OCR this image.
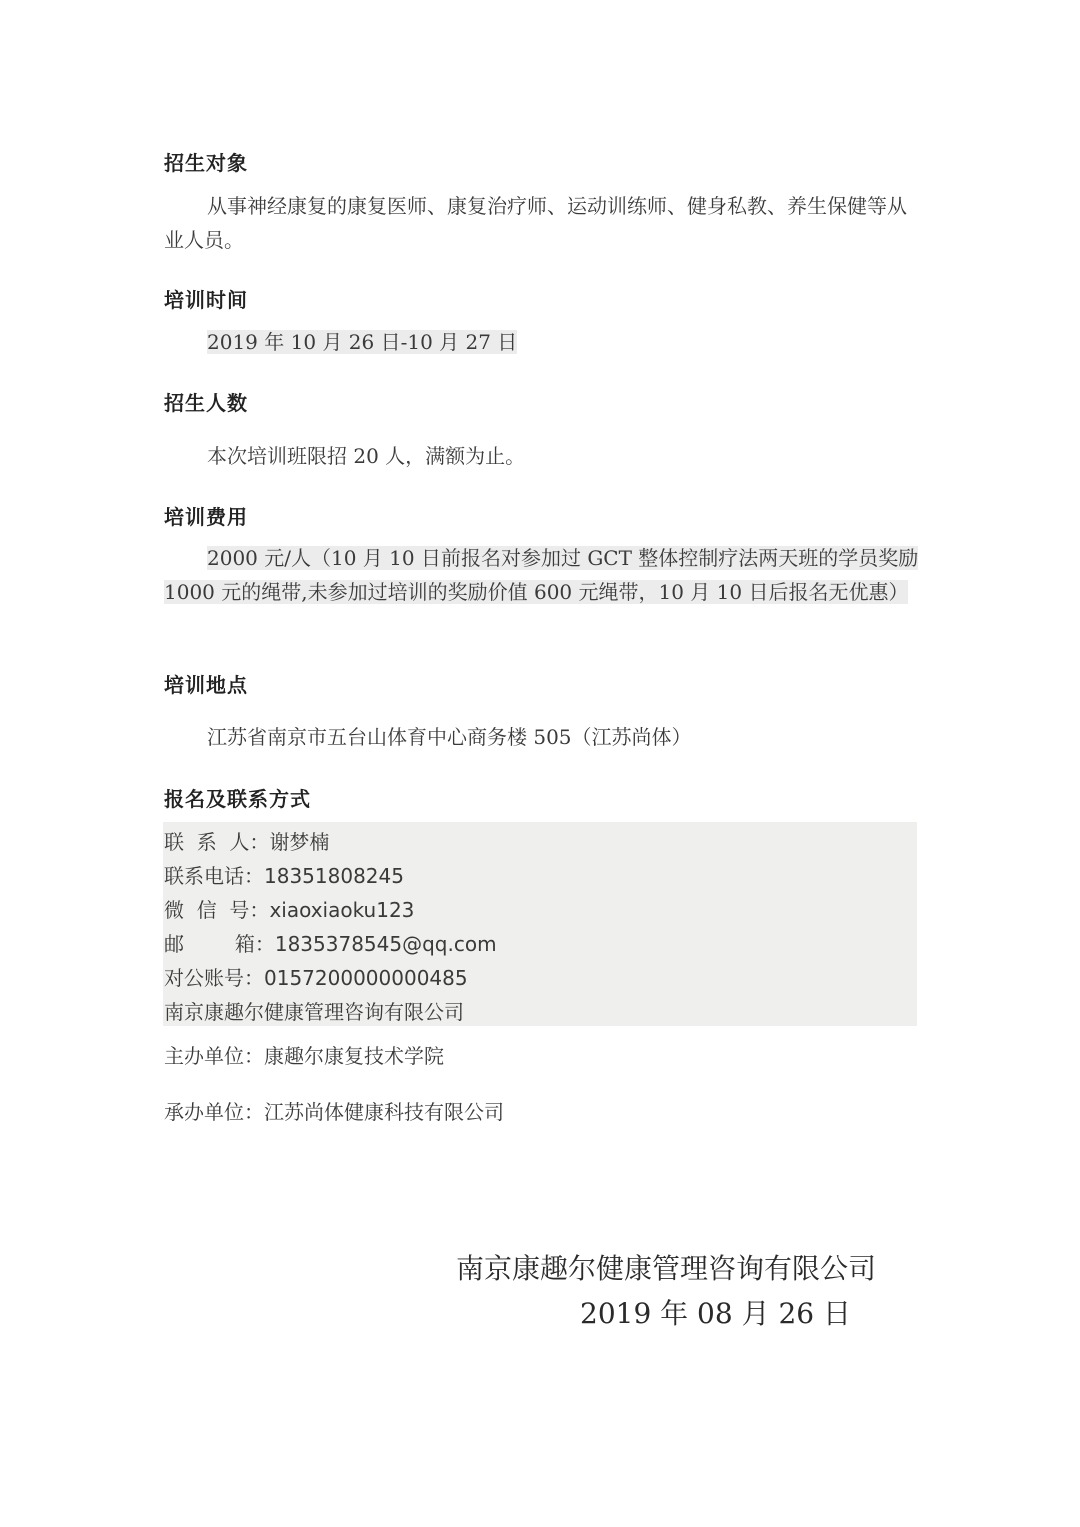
招生对象

从事神经康复的康复医师、康复治疗师、运动训练师、健身私教、养生保健等从业人员。

培训时间
2019 年 10 月 26 日-10 月 27 日
招生人数

本次培训班限招 20 人，满额为止。

培训费用

2000 元/人（10 月 10 日前报名对参加过 GCT 整体控制疗法两天班的学员奖励 1000 元的绳带,未参加过培训的奖励价值 600 元绳带，10 月 10 日后报名无优惠）

培训地点

江苏省南京市五台山体育中心商务楼 505（江苏尚体）

报名及联系方式
联  系  人：谢梦楠
联系电话：18351808245
微  信  号：xiaoxiaoku123
邮        箱：1835378545@qq.com
对公账号：0157200000000485
南京康趣尔健康管理咨询有限公司
主办单位：康趣尔康复技术学院
承办单位：江苏尚体健康科技有限公司
南京康趣尔健康管理咨询有限公司
2019 年 08 月 26 日
